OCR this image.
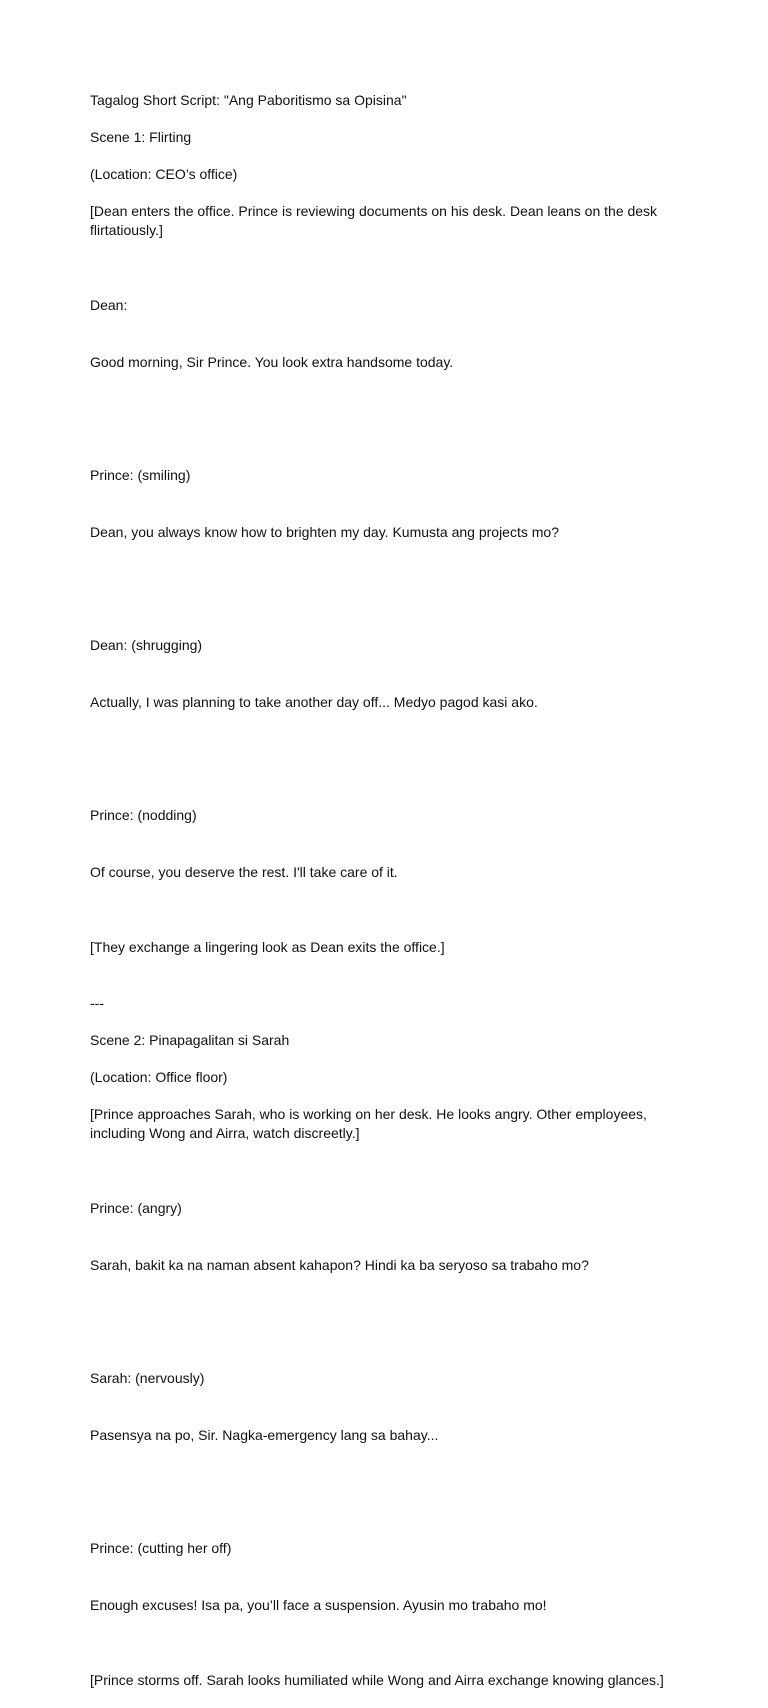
Tagalog Short Script: "Ang Paboritismo sa Opisina"

Scene 1: Flirting

(Location: CEO’s office)

[Dean enters the office. Prince is reviewing documents on his desk. Dean leans on the desk flirtatiously.]

Dean:

Good morning, Sir Prince. You look extra handsome today.

Prince: (smiling)

Dean, you always know how to brighten my day. Kumusta ang projects mo?

Dean: (shrugging)

Actually, I was planning to take another day off... Medyo pagod kasi ako.

Prince: (nodding)

Of course, you deserve the rest. I'll take care of it.

[They exchange a lingering look as Dean exits the office.]

---

Scene 2: Pinapagalitan si Sarah

(Location: Office floor)

[Prince approaches Sarah, who is working on her desk. He looks angry. Other employees, including Wong and Airra, watch discreetly.]

Prince: (angry)

Sarah, bakit ka na naman absent kahapon? Hindi ka ba seryoso sa trabaho mo?

Sarah: (nervously)

Pasensya na po, Sir. Nagka-emergency lang sa bahay...

Prince: (cutting her off)

Enough excuses! Isa pa, you’ll face a suspension. Ayusin mo trabaho mo!

[Prince storms off. Sarah looks humiliated while Wong and Airra exchange knowing glances.]
